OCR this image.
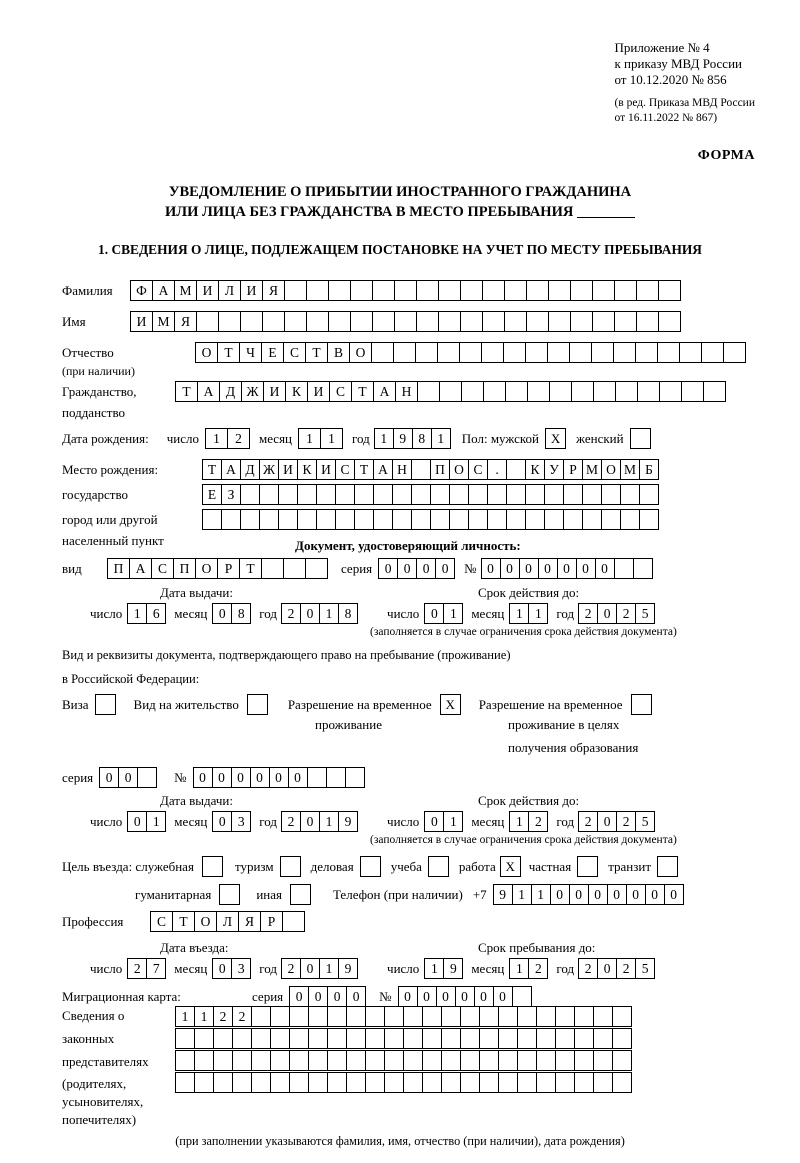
Приложение № 4
к приказу МВД России
от 10.12.2020 № 856
(в ред. Приказа МВД России
от 16.11.2022 № 867)
ФОРМА
УВЕДОМЛЕНИЕ О ПРИБЫТИИ ИНОСТРАННОГО ГРАЖДАНИНА
ИЛИ ЛИЦА БЕЗ ГРАЖДАНСТВА В МЕСТО ПРЕБЫВАНИЯ
1. СВЕДЕНИЯ О ЛИЦЕ, ПОДЛЕЖАЩЕМ ПОСТАНОВКЕ НА УЧЕТ ПО МЕСТУ ПРЕБЫВАНИЯ
Фамилия	Ф А М И Л И Я
Имя	И М Я
Отчество	О Т Ч Е С Т В О
(при наличии)
Гражданство,	Т А Д Ж И К И С Т А Н
подданство
Дата рождения: число	1	2	месяц	1	1	год 1 9 8 1	Пол: мужской Х	женский
Место рождения:	Т А Д Ж И К И С Т А Н	П О С .	К У Р М О М Б
государство	Е З
город или другой
населенный пункт	Документ, удостоверяющий личность:
вид	П А С П О Р	Т	серия 0 0 0 0	№ 0 0 0 0 0 0 0
Дата выдачи:	Срок действия до:
число 1 6	месяц 0 8	год 2 0 1 8	число 0 1	месяц 1 1	год 2 0 2 5
(заполняется в случае ограничения срока действия документа)
Вид и реквизиты документа, подтверждающего право на пребывание (проживание)
в Российской Федерации:
Виза	Вид на жительство	Разрешение на временное	Х	Разрешение на временное
проживание	проживание в целях
получения образования
серия 0 0	№ 0 0 0 0 0 0
Дата выдачи:	Срок действия до:
число 0 1	месяц 0 3	год 2 0 1 9	число 0 1	месяц 1 2	год 2 0 2 5
(заполняется в случае ограничения срока действия документа)
Цель въезда: служебная	туризм	деловая	учеба	работа Х	частная	транзит
гуманитарная	иная	Телефон (при наличии) +7 9 1 1 0 0 0 0 0 0 0
Профессия	С Т О Л Я	Р
Дата въезда:	Срок пребывания до:
число 2 7	месяц 0 3	год 2 0 1 9	число 1 9	месяц 1 2	год 2 0 2 5
Миграционная карта:	серия 0 0 0 0	№ 0 0 0 0 0 0
Сведения о
законных
представителях
(родителях,
усыновителях,
попечителях)
1 1 2 2
(при заполнении указываются фамилия, имя, отчество (при наличии), дата рождения)
